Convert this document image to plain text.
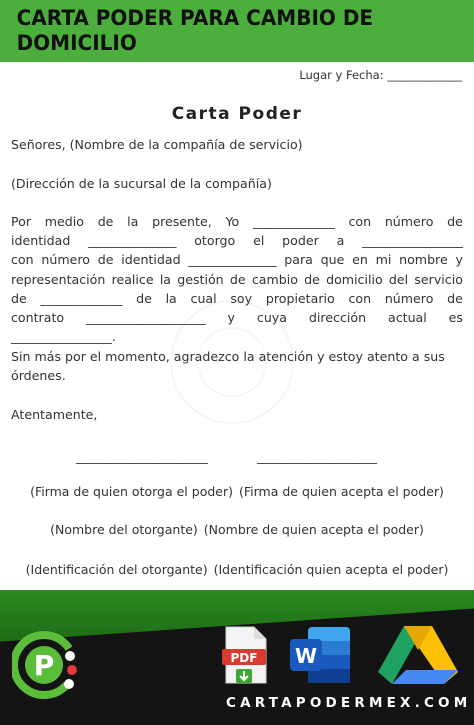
CARTA PODER PARA CAMBIO DE DOMICILIO
Lugar y Fecha: _____________
Carta Poder
Señores, (Nombre de la compañía de servicio)
(Dirección de la sucursal de la compañía)
Por medio de la presente, Yo _____________ con número de
identidad ______________ otorgo el poder a ________________
con número de identidad ______________ para que en mi nombre y
representación realice la gestión de cambio de domicilio del servicio
de _____________ de la cual soy propietario con número de
contrato ___________________ y cuya dirección actual es
________________.
Sin más por el momento, agradezco la atención y estoy atento a sus
órdenes.
Atentamente,
______________________	____________________
(Firma de quien otorga el poder) (Firma de quien acepta el poder)
(Nombre del otorgante) (Nombre de quien acepta el poder)
(Identificación del otorgante) (Identificación quien acepta el poder)
P	PDF W
CARTAPODERMEX.COM
